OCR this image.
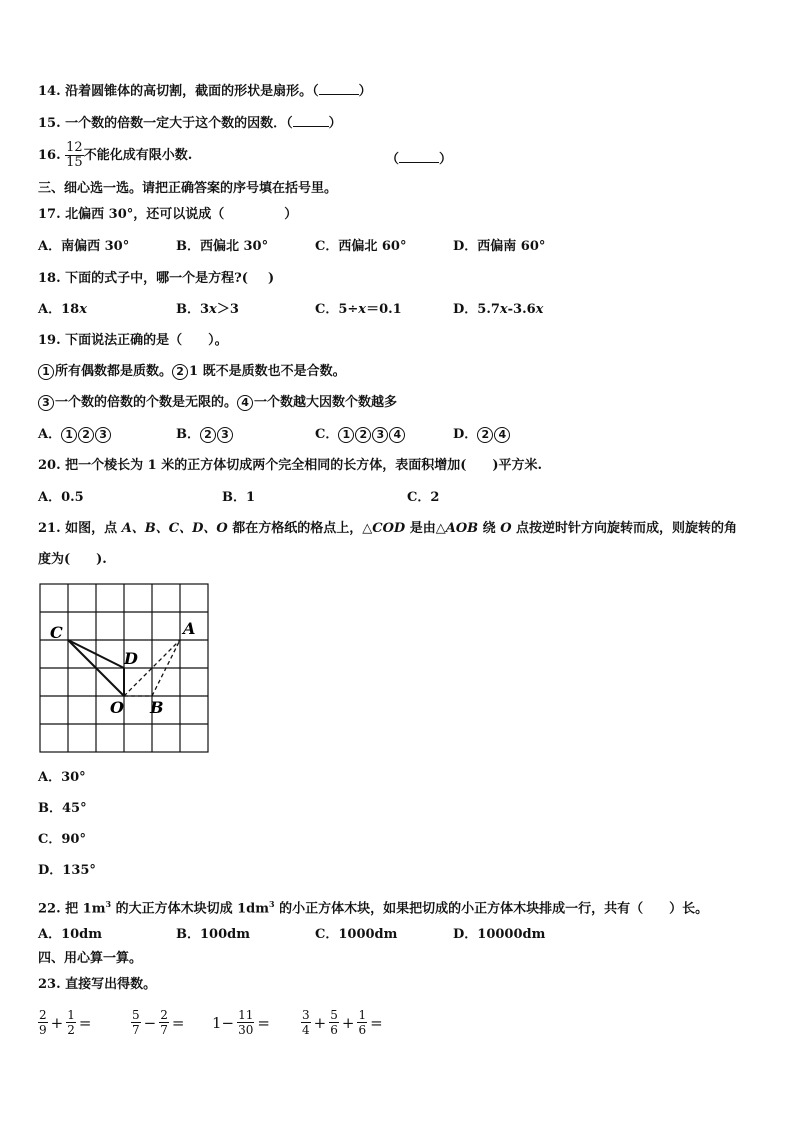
14. 沿着圆锥体的高切割，截面的形状是扇形。（	）
15. 一个数的倍数一定大于这个数的因数．（	）
16. $\frac{12}{15}$ 不能化成有限小数.	（	）
三、细心选一选。请把正确答案的序号填在括号里。
17. 北偏西 30°，还可以说成（	）
A．南偏西 30°	B．西偏北 30°	C．西偏北 60°	D．西偏南 60°
18. 下面的式子中，哪一个是方程?( )
A．18x	B．3x＞3	C．5÷x＝0.1	D．5.7x-3.6x
19. 下面说法正确的是（　　）。
1 所有偶数都是质数。 2 1 既不是质数也不是合数。
3 一个数的倍数的个数是无限的。 4 一个数越大因数个数越多
A． 1 2 3	B． 2 3	C． 1 2 3 4	D． 2 4
20. 把一个棱长为 1 米的正方体切成两个完全相同的长方体，表面积增加(　　)平方米.
A．0.5	B．1	C．2
21. 如图，点 A、B、C、D、O 都在方格纸的格点上，△COD 是由△AOB 绕 O 点按逆时针方向旋转而成，则旋转的角
度为(　　).
C	A
D
O B
A．30°
B．45°
C．90°
D．135°
22. 把 $1m^3$ 的大正方体木块切成 $1dm^3$ 的小正方体木块，如果把切成的小正方体木块排成一行，共有（　　）长。
A．10dm	B．100dm	C．1000dm	D．10000dm
四、用心算一算。
23. 直接写出得数。
$\frac{2}{9} + \frac{1}{2}$ =	$\frac{5}{7} - \frac{2}{7} = 1- \frac{11}{30}$ =	$\frac{3}{4} + \frac{5}{6} + \frac{1}{6}$ =
